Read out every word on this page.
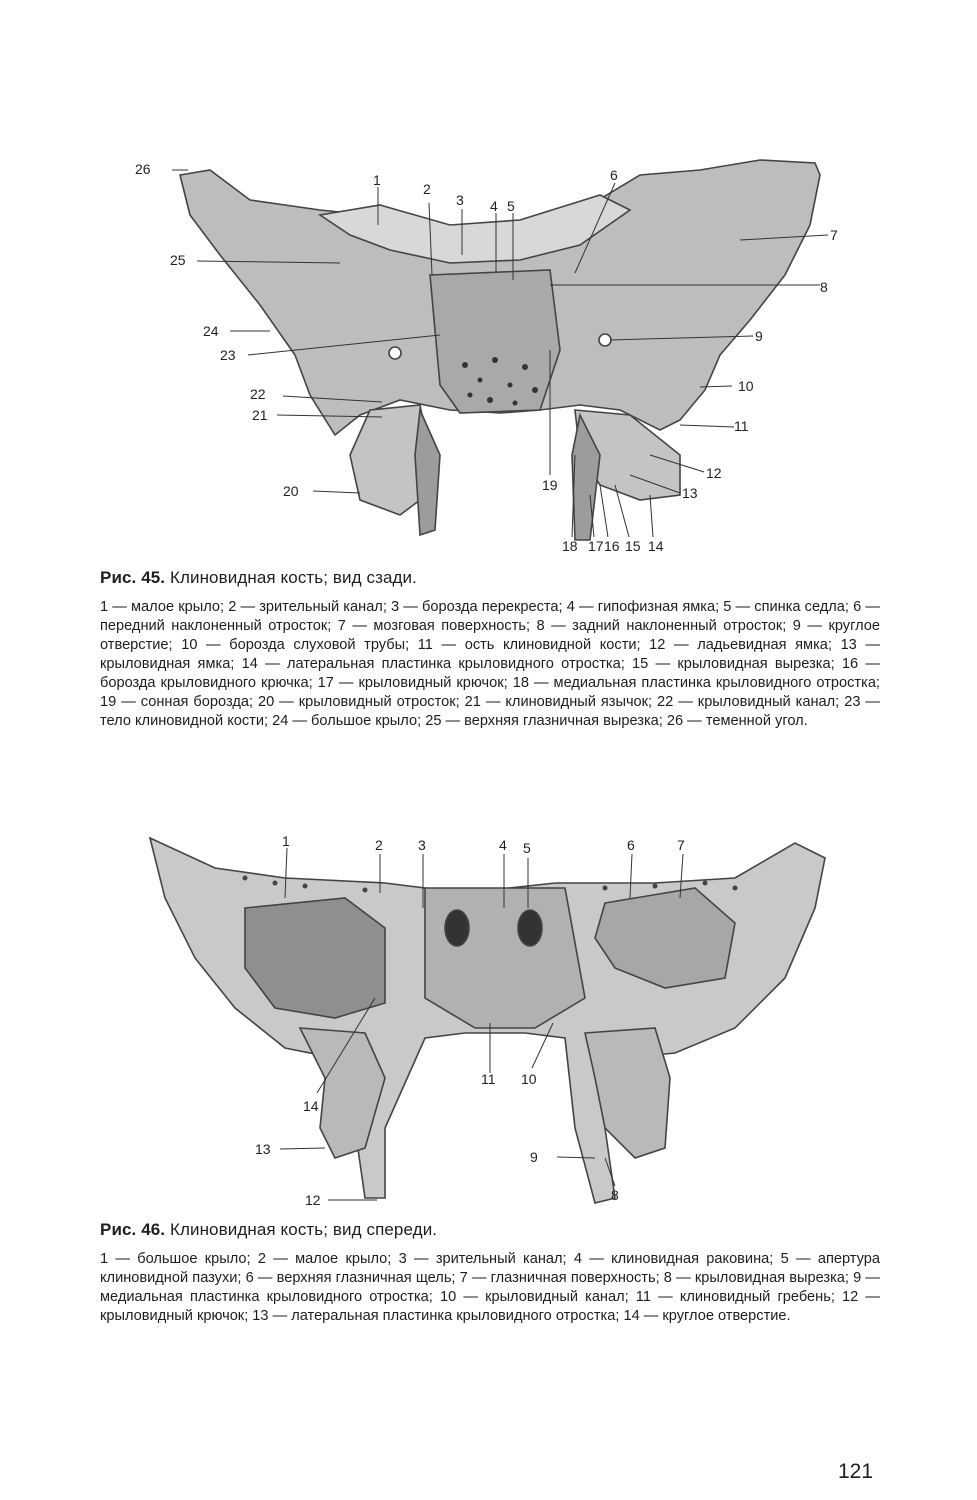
1
2
3 4 5
6
7
8
9
10
11
12
13
14
15
16
17
18
19
20
21
22
23
24
25
26

Рис. 45. Клиновидная кость; вид сзади.

1 — малое крыло; 2 — зрительный канал; 3 — борозда перекреста; 4 — гипофизная ямка; 5 — спинка седла; 6 — передний наклоненный отросток; 7 — мозговая поверхность; 8 — задний наклоненный отросток; 9 — круглое отверстие; 10 — борозда слуховой трубы; 11 — ость клиновидной кости; 12 — ладьевидная ямка; 13 — крыловидная ямка; 14 — латеральная пластинка крыловидного отростка; 15 — крыловидная вырезка; 16 — борозда крыловидного крючка; 17 — крыловидный крючок; 18 — медиальная пластинка крыловидного отростка; 19 — сонная борозда; 20 — крыловидный отросток; 21 — клиновидный язычок; 22 — крыловидный канал; 23 — тело клиновидной кости; 24 — большое крыло; 25 — верхняя глазничная вырезка; 26 — теменной угол.

1	2	3	4 5	6	7
8
9
10
11
12
13
14

Рис. 46. Клиновидная кость; вид спереди.

1 — большое крыло; 2 — малое крыло; 3 — зрительный канал; 4 — клиновидная раковина; 5 — апертура клиновидной пазухи; 6 — верхняя глазничная щель; 7 — глазничная поверхность; 8 — крыловидная вырезка; 9 — медиальная пластинка крыловидного отростка; 10 — крыловидный канал; 11 — клиновидный гребень; 12 — крыловидный крючок; 13 — латеральная пластинка крыловидного отростка; 14 — круглое отверстие.

121
